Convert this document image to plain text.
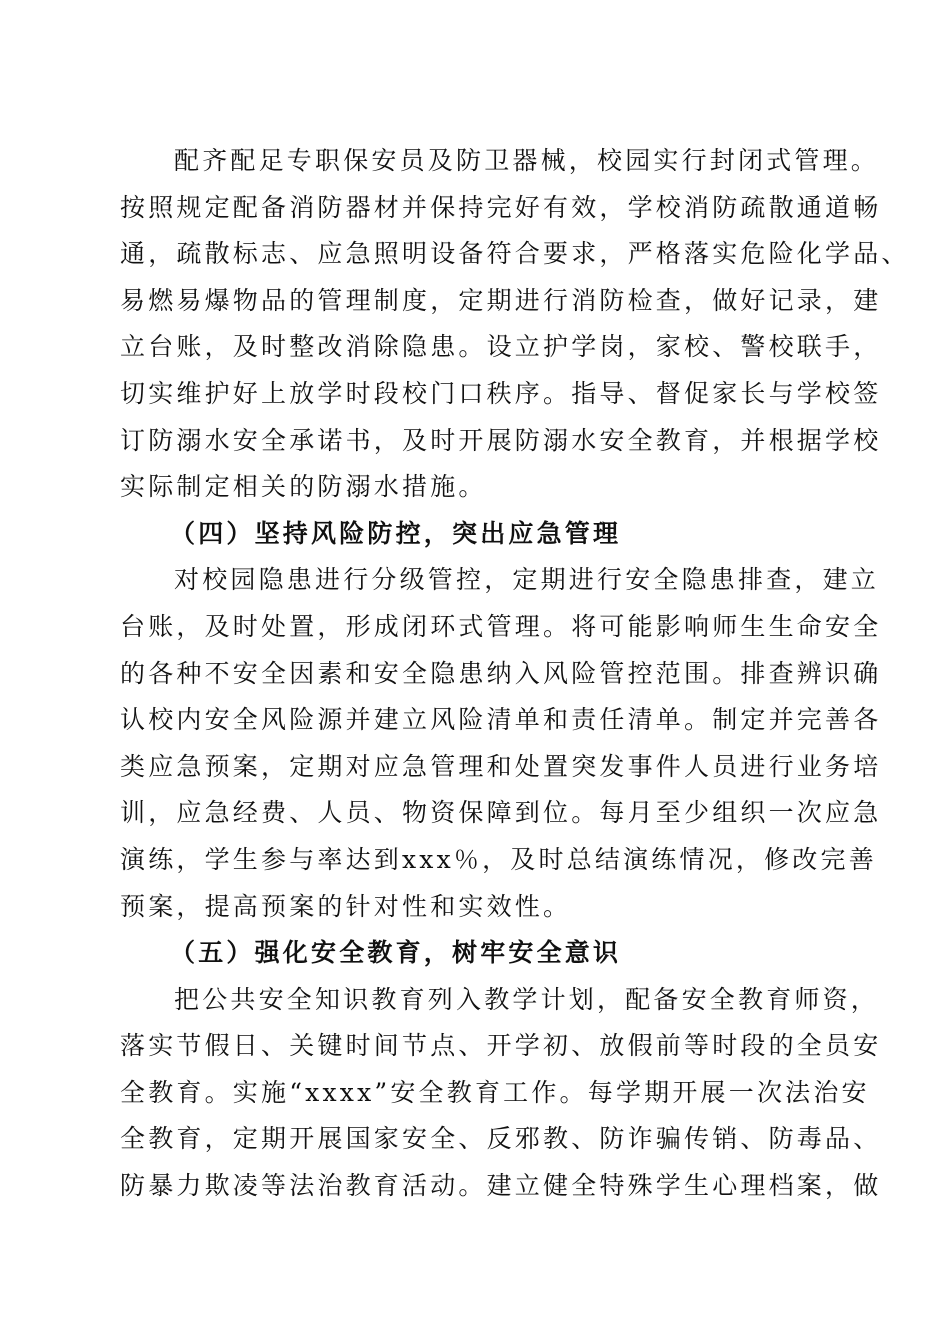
配齐配足专职保安员及防卫器械，校园实行封闭式管理。
按照规定配备消防器材并保持完好有效，学校消防疏散通道畅
通，疏散标志、应急照明设备符合要求，严格落实危险化学品、
易燃易爆物品的管理制度，定期进行消防检查，做好记录，建
立台账，及时整改消除隐患。设立护学岗，家校、警校联手，
切实维护好上放学时段校门口秩序。指导、督促家长与学校签
订防溺水安全承诺书，及时开展防溺水安全教育，并根据学校
实际制定相关的防溺水措施。
（四）坚持风险防控，突出应急管理
对校园隐患进行分级管控，定期进行安全隐患排查，建立
台账，及时处置，形成闭环式管理。将可能影响师生生命安全
的各种不安全因素和安全隐患纳入风险管控范围。排查辨识确
认校内安全风险源并建立风险清单和责任清单。制定并完善各
类应急预案，定期对应急管理和处置突发事件人员进行业务培
训，应急经费、人员、物资保障到位。每月至少组织一次应急
演练，学生参与率达到xxx％，及时总结演练情况，修改完善
预案，提高预案的针对性和实效性。
（五）强化安全教育，树牢安全意识
把公共安全知识教育列入教学计划，配备安全教育师资，
落实节假日、关键时间节点、开学初、放假前等时段的全员安
全教育。实施“xxxx”安全教育工作。每学期开展一次法治安
全教育，定期开展国家安全、反邪教、防诈骗传销、防毒品、
防暴力欺凌等法治教育活动。建立健全特殊学生心理档案，做
